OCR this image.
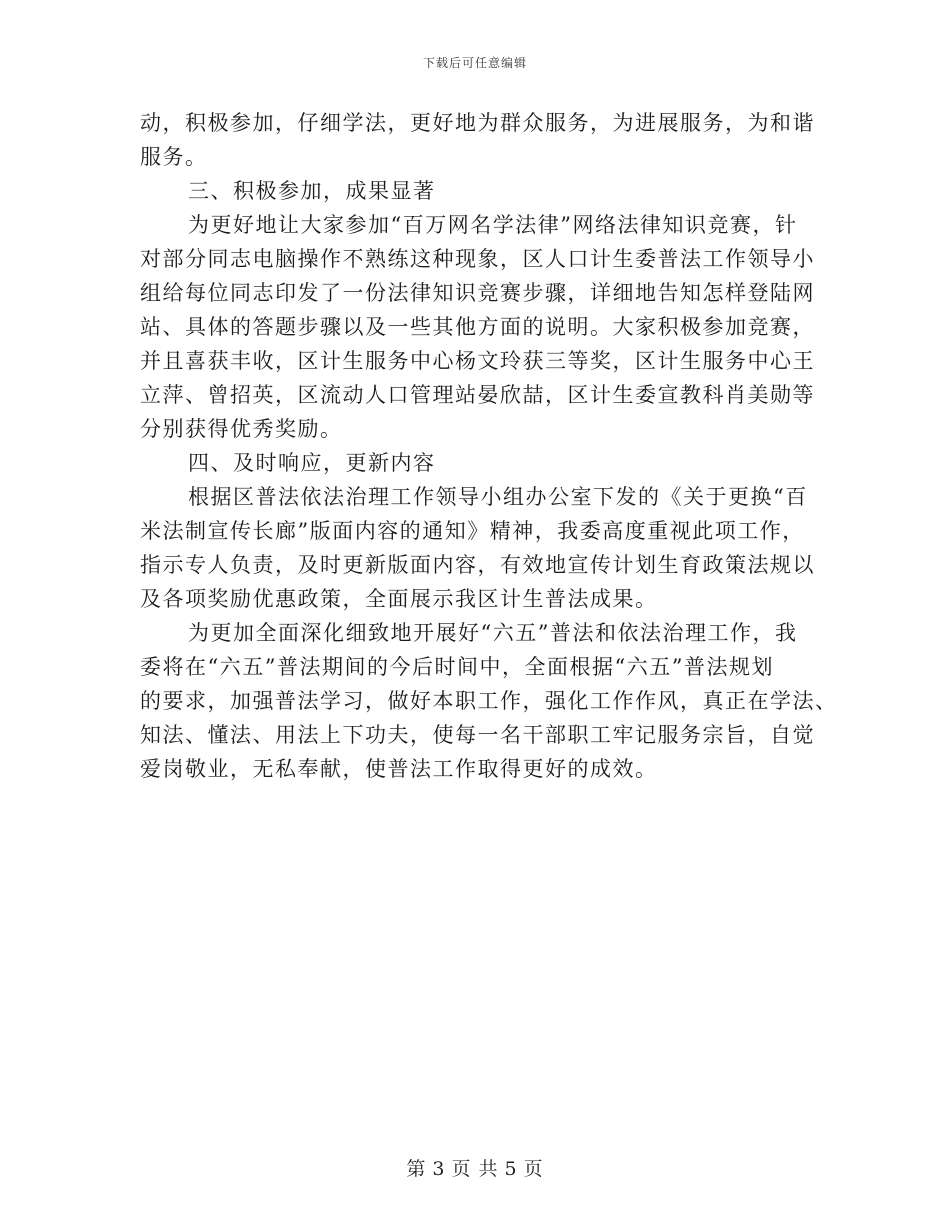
下载后可任意编辑
动，积极参加，仔细学法，更好地为群众服务，为进展服务，为和谐
服务。
三、积极参加，成果显著
为更好地让大家参加“百万网名学法律”网络法律知识竞赛，针
对部分同志电脑操作不熟练这种现象，区人口计生委普法工作领导小
组给每位同志印发了一份法律知识竞赛步骤，详细地告知怎样登陆网
站、具体的答题步骤以及一些其他方面的说明。大家积极参加竞赛，
并且喜获丰收，区计生服务中心杨文玲获三等奖，区计生服务中心王
立萍、曾招英，区流动人口管理站晏欣喆，区计生委宣教科肖美勋等
分别获得优秀奖励。
四、及时响应，更新内容
根据区普法依法治理工作领导小组办公室下发的《关于更换“百
米法制宣传长廊”版面内容的通知》精神，我委高度重视此项工作，
指示专人负责，及时更新版面内容，有效地宣传计划生育政策法规以
及各项奖励优惠政策，全面展示我区计生普法成果。
为更加全面深化细致地开展好“六五”普法和依法治理工作，我
委将在“六五”普法期间的今后时间中，全面根据“六五”普法规划
的要求，加强普法学习，做好本职工作，强化工作作风，真正在学法、
知法、懂法、用法上下功夫，使每一名干部职工牢记服务宗旨，自觉
爱岗敬业，无私奉献，使普法工作取得更好的成效。
第 3 页 共 5 页
